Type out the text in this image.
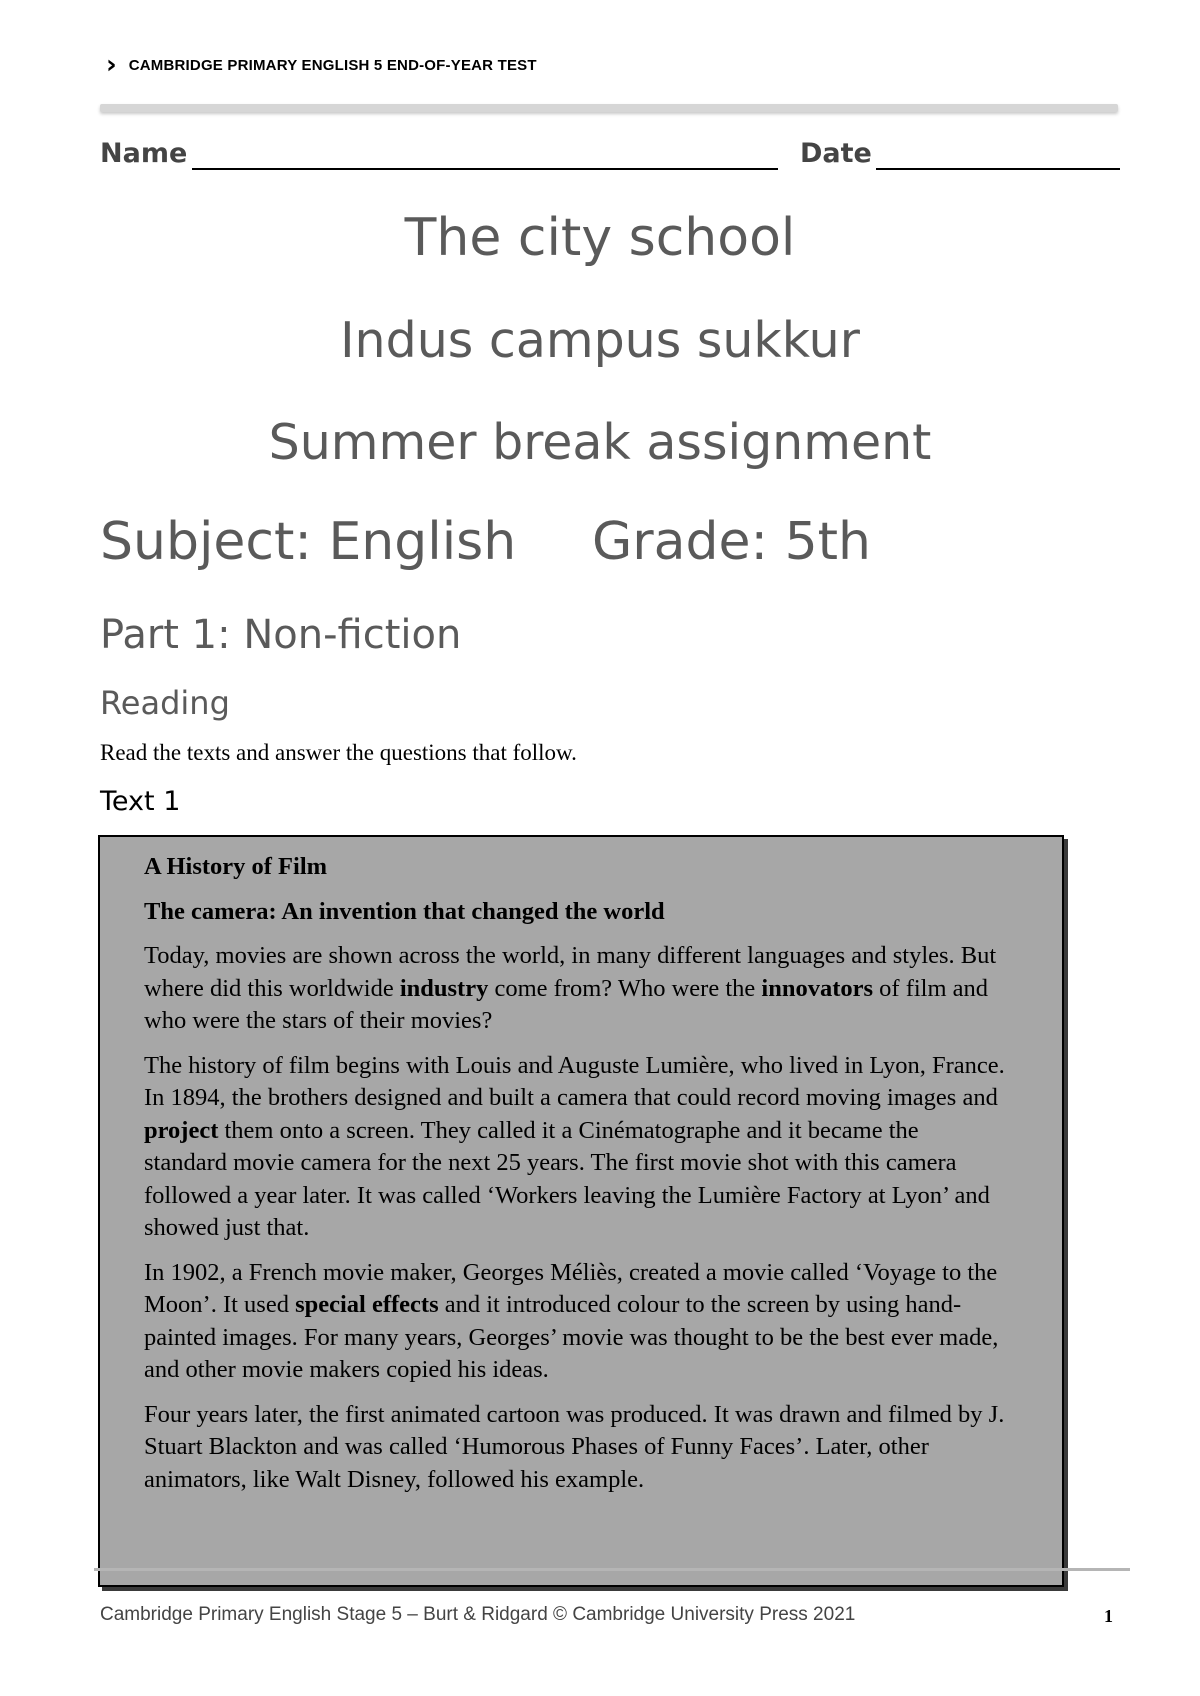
› CAMBRIDGE PRIMARY ENGLISH 5 END-OF-YEAR TEST
Name	Date
The city school
Indus campus sukkur
Summer break assignment
Subject: English Grade: 5th
Part 1: Non-fiction
Reading
Read the texts and answer the questions that follow.
Text 1

A History of Film

The camera: An invention that changed the world

Today, movies are shown across the world, in many different languages and styles. But where did this worldwide industry come from? Who were the innovators of film and who were the stars of their movies?

The history of film begins with Louis and Auguste Lumière, who lived in Lyon, France. In 1894, the brothers designed and built a camera that could record moving images and project them onto a screen. They called it a Cinématographe and it became the standard movie camera for the next 25 years. The first movie shot with this camera followed a year later. It was called ‘Workers leaving the Lumière Factory at Lyon’ and showed just that.

In 1902, a French movie maker, Georges Méliès, created a movie called ‘Voyage to the Moon’. It used special effects and it introduced colour to the screen by using hand-painted images. For many years, Georges’ movie was thought to be the best ever made, and other movie makers copied his ideas.

Four years later, the first animated cartoon was produced. It was drawn and filmed by J. Stuart Blackton and was called ‘Humorous Phases of Funny Faces’. Later, other animators, like Walt Disney, followed his example.

Cambridge Primary English Stage 5 – Burt & Ridgard © Cambridge University Press 2021	1
